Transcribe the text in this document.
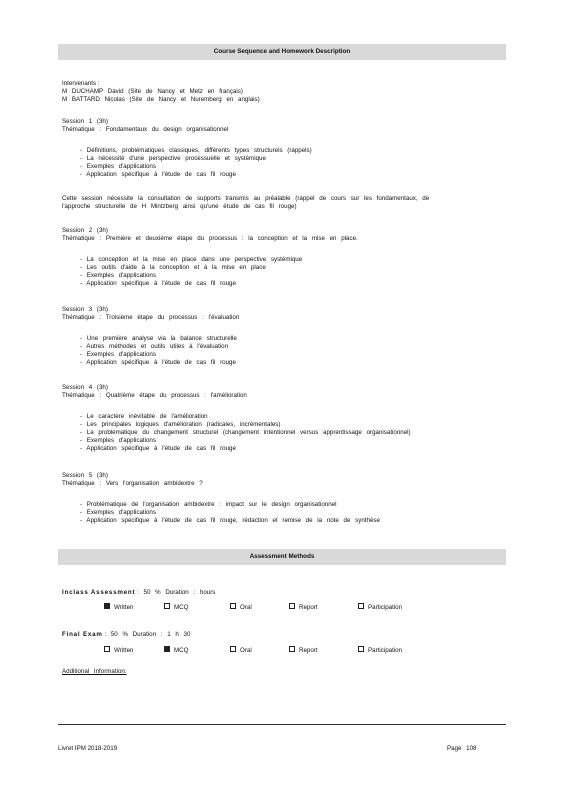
Course Sequence and Homework Description
Intervenants :
M DUCHAMP David (Site de Nancy et Metz en français)
M BATTARD Nicolas (Site de Nancy et Nuremberg en anglais)
Session 1 (3h)
Thématique : Fondamentaux du design organisationnel
- Définitions, problématiques classiques, différents types structurels (rappels)
- La nécessité d'une perspective processuelle et systémique
- Exemples d'applications
- Application spécifique à l'étude de cas fil rouge
Cette session nécessite la consultation de supports transmis au préalable (rappel de cours sur les fondamentaux, de
l'approche structurelle de H Mintzberg ainsi qu'une étude de cas fil rouge)
Session 2 (3h)
Thématique : Première et deuxième étape du processus : la conception et la mise en place.
- La conception et la mise en place dans une perspective systémique
- Les outils d'aide à la conception et à la mise en place
- Exemples d'applications
- Application spécifique à l'étude de cas fil rouge
Session 3 (3h)
Thématique : Troisième étape du processus : l'évaluation
- Une première analyse via la balance structurelle
- Autres méthodes et outils utiles à l'évaluation
- Exemples d'applications
- Application spécifique à l'étude de cas fil rouge
Session 4 (3h)
Thématique : Quatrième étape du processus : l'amélioration
- Le caractère inévitable de l'amélioration
- Les principales logiques d'amélioration (radicales, incrémentales)
- La problématique du changement structurel (changement intentionnel versus apprentissage organisationnel)
- Exemples d'applications
- Application spécifique à l'étude de cas fil rouge
Session 5 (3h)
Thématique : Vers l'organisation ambidextre ?
- Problématique de l'organisation ambidextre : impact sur le design organisationnel
- Exemples d'applications
- Application spécifique à l'étude de cas fil rouge, rédaction et remise de la note de synthèse
Assessment Methods
Inclass Assessment : 50 % Duration : hours
Written	MCQ	Oral	Report	Participation
Final Exam : 50 % Duration : 1 h 30
Written	MCQ	Oral	Report	Participation
Additional Information:
Livret IPM 2018-2019	Page 108
